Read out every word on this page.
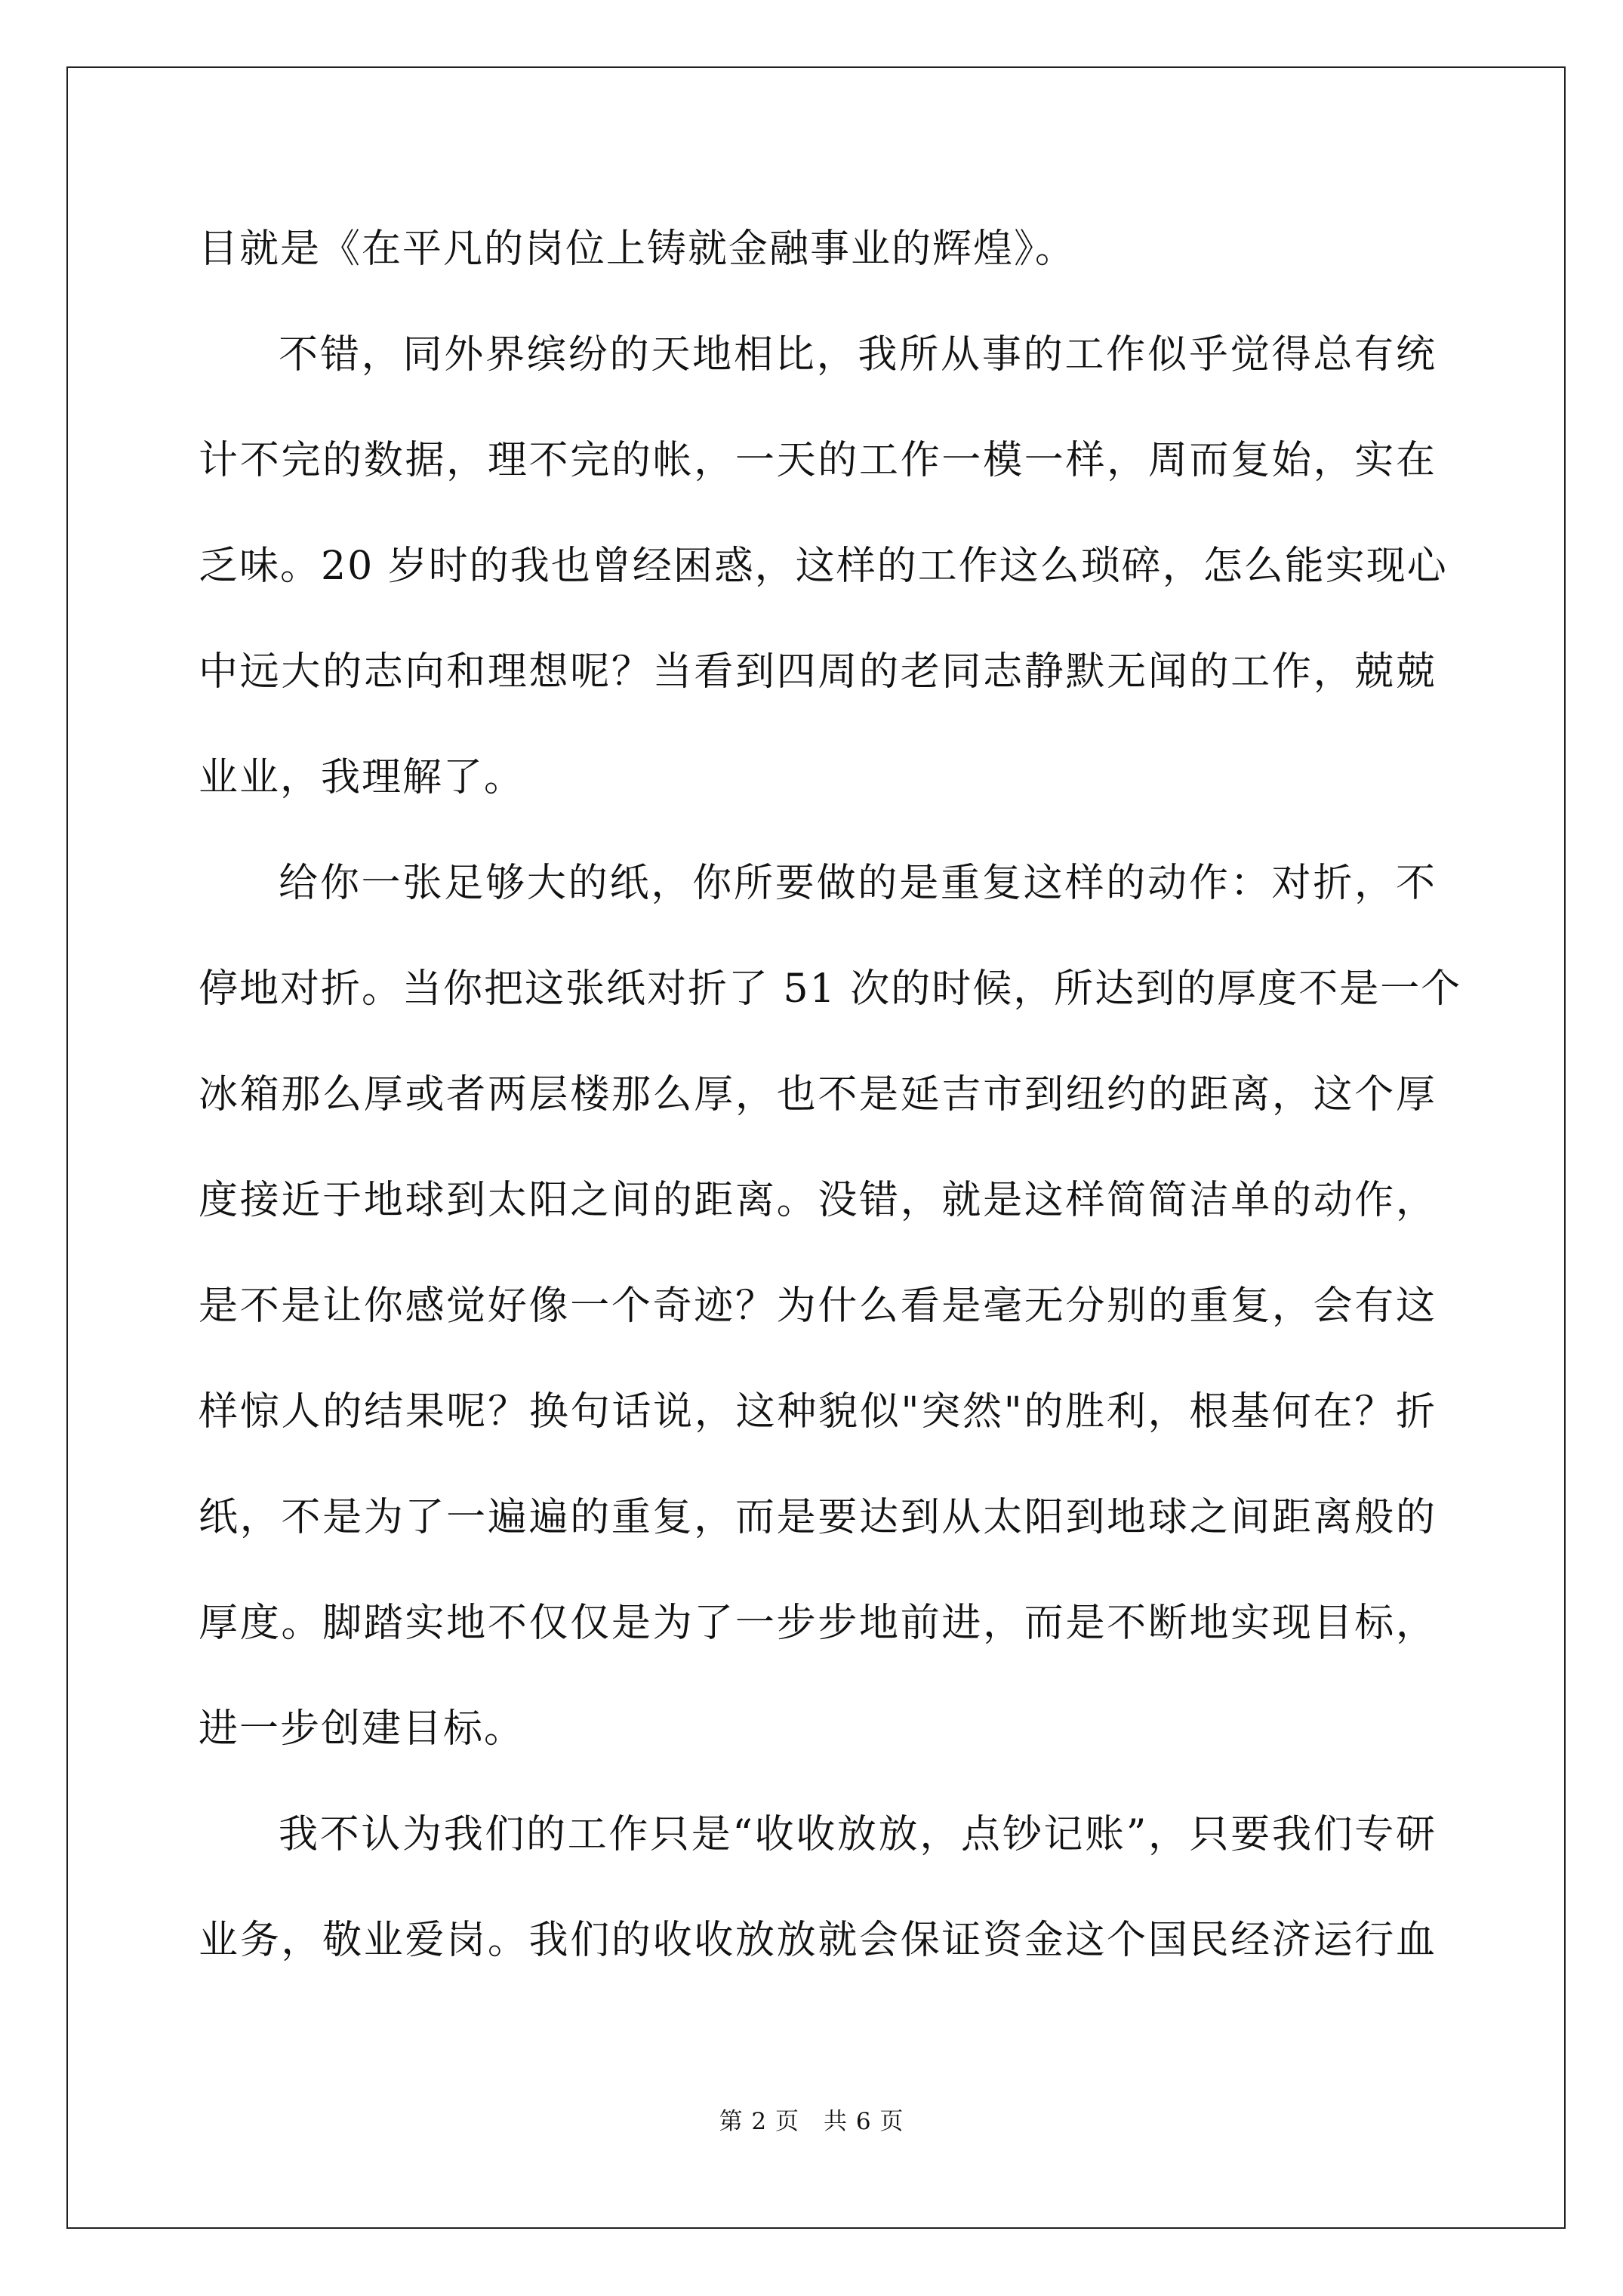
目就是《在平凡的岗位上铸就金融事业的辉煌》。
不错，同外界缤纷的天地相比，我所从事的工作似乎觉得总有统
计不完的数据，理不完的帐，一天的工作一模一样，周而复始，实在
乏味。20 岁时的我也曾经困惑，这样的工作这么琐碎，怎么能实现心
中远大的志向和理想呢？当看到四周的老同志静默无闻的工作，兢兢
业业，我理解了。
给你一张足够大的纸，你所要做的是重复这样的动作：对折，不
停地对折。当你把这张纸对折了 51 次的时候，所达到的厚度不是一个
冰箱那么厚或者两层楼那么厚，也不是延吉市到纽约的距离，这个厚
度接近于地球到太阳之间的距离。没错，就是这样简简洁单的动作，
是不是让你感觉好像一个奇迹？为什么看是毫无分别的重复，会有这
样惊人的结果呢？换句话说，这种貌似"突然"的胜利，根基何在？折
纸，不是为了一遍遍的重复，而是要达到从太阳到地球之间距离般的
厚度。脚踏实地不仅仅是为了一步步地前进，而是不断地实现目标，
进一步创建目标。
我不认为我们的工作只是“收收放放，点钞记账”，只要我们专研
业务，敬业爱岗。我们的收收放放就会保证资金这个国民经济运行血
第 2 页　共 6 页
